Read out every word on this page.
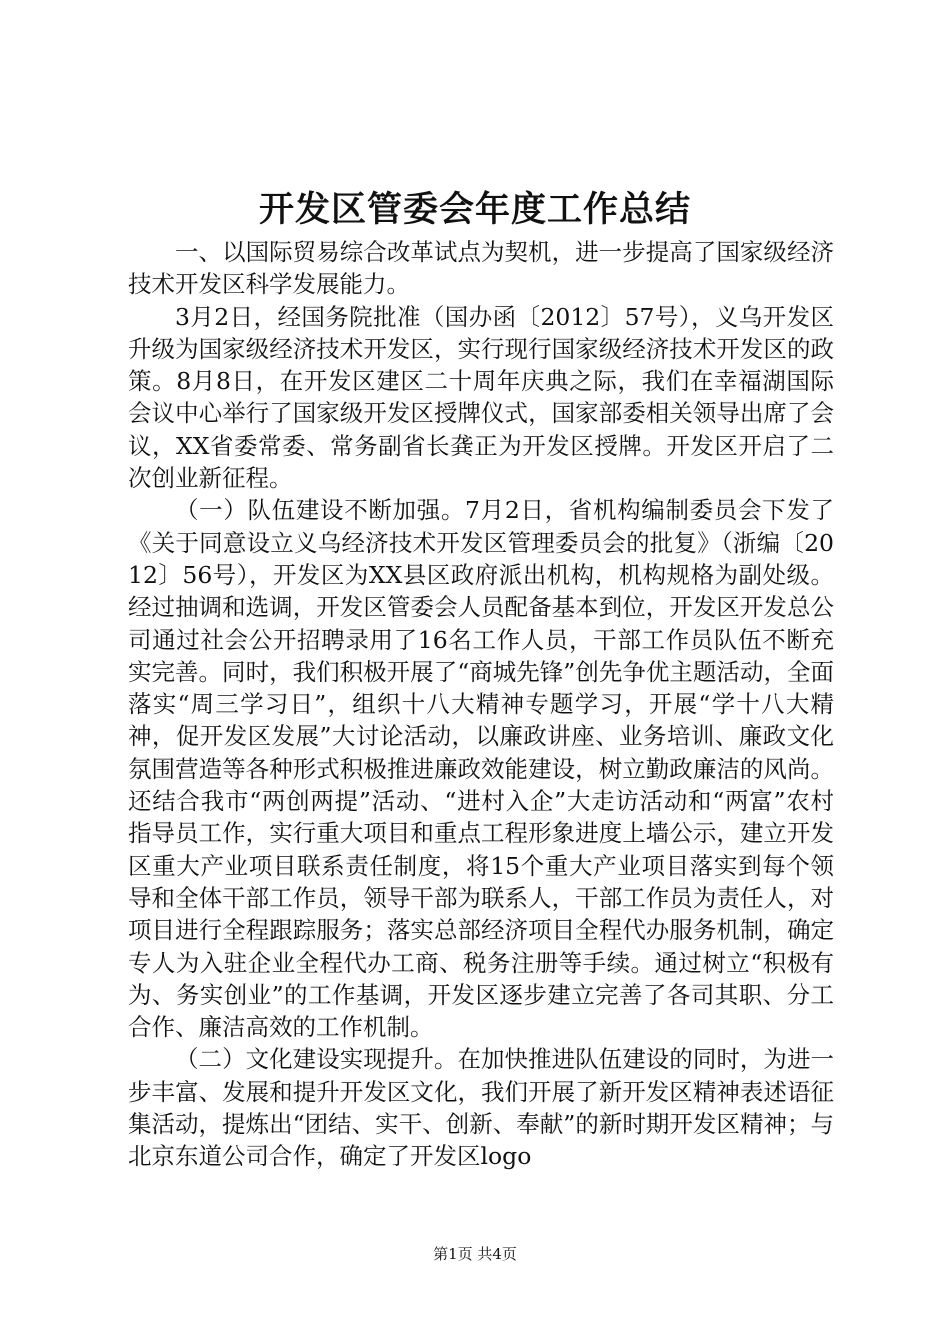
开发区管委会年度工作总结

一、以国际贸易综合改革试点为契机，进一步提高了国家级经济技术开发区科学发展能力。

3月2日，经国务院批准（国办函〔2012〕57号），义乌开发区升级为国家级经济技术开发区，实行现行国家级经济技术开发区的政策。8月8日，在开发区建区二十周年庆典之际，我们在幸福湖国际会议中心举行了国家级开发区授牌仪式，国家部委相关领导出席了会议，XX省委常委、常务副省长龚正为开发区授牌。开发区开启了二次创业新征程。

（一）队伍建设不断加强。7月2日，省机构编制委员会下发了《关于同意设立义乌经济技术开发区管理委员会的批复》（浙编〔2012〕56号），开发区为XX县区政府派出机构，机构规格为副处级。经过抽调和选调，开发区管委会人员配备基本到位，开发区开发总公司通过社会公开招聘录用了16名工作人员，干部工作员队伍不断充实完善。同时，我们积极开展了“商城先锋”创先争优主题活动，全面落实“周三学习日”，组织十八大精神专题学习，开展“学十八大精神，促开发区发展”大讨论活动，以廉政讲座、业务培训、廉政文化氛围营造等各种形式积极推进廉政效能建设，树立勤政廉洁的风尚。还结合我市“两创两提”活动、“进村入企”大走访活动和“两富”农村指导员工作，实行重大项目和重点工程形象进度上墙公示，建立开发区重大产业项目联系责任制度，将15个重大产业项目落实到每个领导和全体干部工作员，领导干部为联系人，干部工作员为责任人，对项目进行全程跟踪服务；落实总部经济项目全程代办服务机制，确定专人为入驻企业全程代办工商、税务注册等手续。通过树立“积极有为、务实创业”的工作基调，开发区逐步建立完善了各司其职、分工合作、廉洁高效的工作机制。

（二）文化建设实现提升。在加快推进队伍建设的同时，为进一步丰富、发展和提升开发区文化，我们开展了新开发区精神表述语征集活动，提炼出“团结、实干、创新、奉献”的新时期开发区精神；与北京东道公司合作，确定了开发区logo

第1页 共4页
